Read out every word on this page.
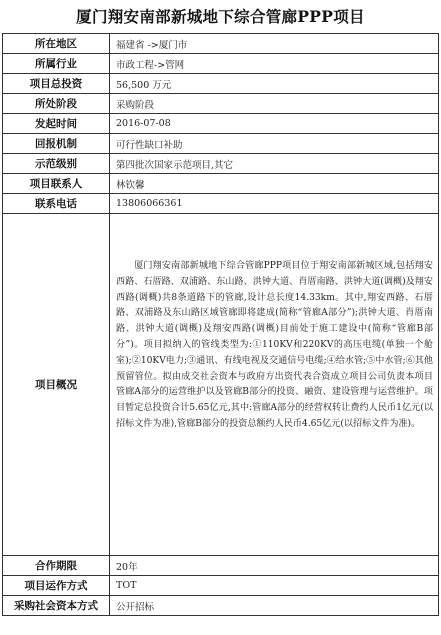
厦门翔安南部新城地下综合管廊PPP项目
所在地区	福建省 ->厦门市
所属行业	市政工程->管网
项目总投资	56,500 万元
所处阶段	采购阶段
发起时间	2016-07-08
回报机制	可行性缺口补助
示范级别	第四批次国家示范项目,其它
项目联系人	林钦馨
联系电话	13806066361
项目概况	厦门翔安南部新城地下综合管廊PPP项目位于翔安南部新城区域,包括翔安西路、石厝路、双浦路、东山路、洪钟大道、肖厝南路、洪钟大道(调概)及翔安西路(调概)共8条道路下的管廊,设计总长度14.33km。其中,翔安西路、石厝路、双浦路及东山路区域管廊即将建成(简称“管廊A部分”);洪钟大道、肖厝南路、洪钟大道(调概)及翔安西路(调概)目前处于施工建设中(简称“管廊B部分”)。项目拟纳入的管线类型为:①110KV和220KV的高压电缆(单独一个舱室);②10KV电力;③通讯、有线电视及交通信号电缆;④给水管;⑤中水管;⑥其他预留管位。拟由成交社会资本与政府方出资代表合资成立项目公司负责本项目管廊A部分的运营维护以及管廊B部分的投资、融资、建设管理与运营维护。项目暂定总投资合计5.65亿元,其中:管廊A部分的经营权转让费约人民币1亿元(以招标文件为准),管廊B部分的投资总额约人民币4.65亿元(以招标文件为准)。

合作期限	20年
项目运作方式	TOT
采购社会资本方式	公开招标
